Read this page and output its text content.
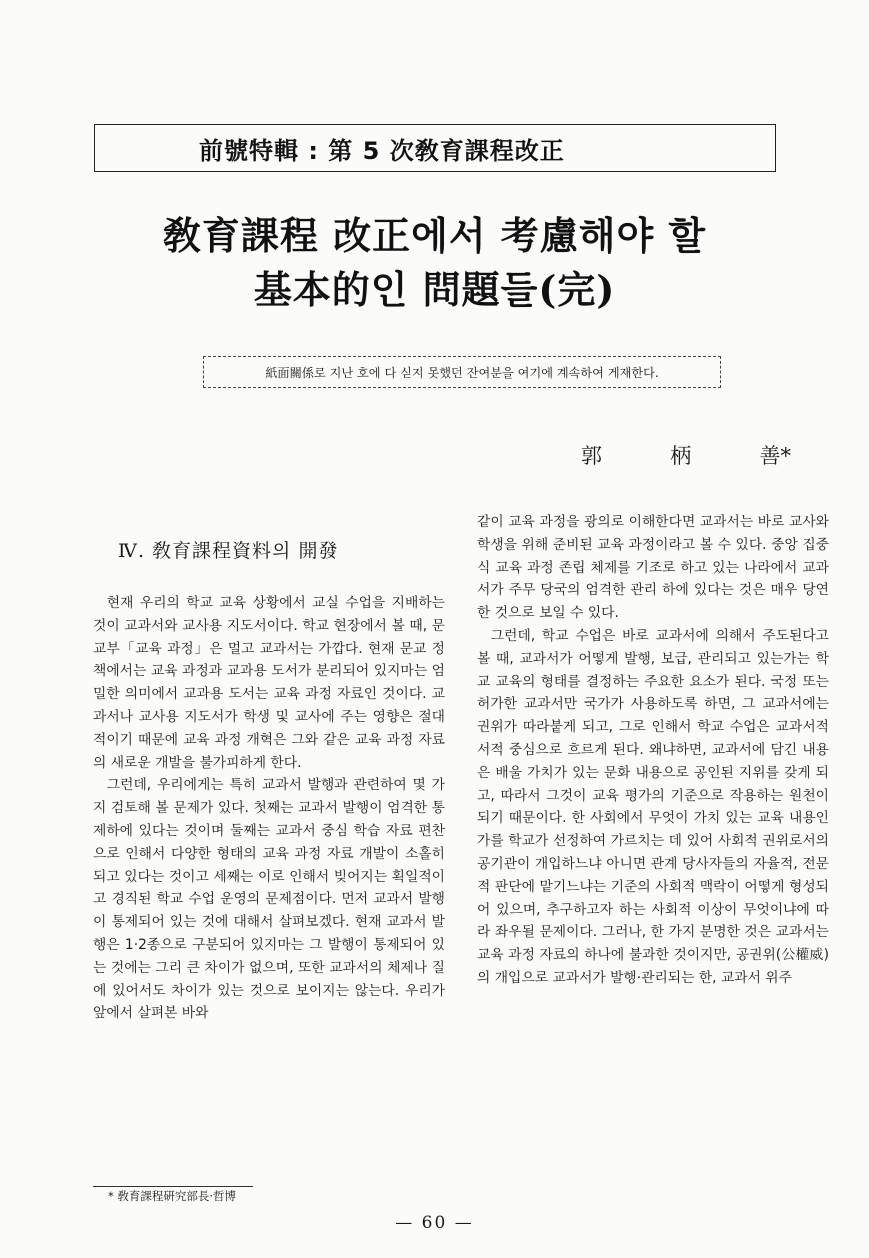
前號特輯 : 第 5 次敎育課程改正
敎育課程 改正에서 考慮해야 할
基本的인 問題들(完)
紙面關係로 지난 호에 다 싣지 못했던 잔여분을 여기에 계속하여 게재한다.
郭	柄	善*
Ⅳ. 敎育課程資料의 開發

현재 우리의 학교 교육 상황에서 교실 수업을 지배하는 것이 교과서와 교사용 지도서이다. 학교 현장에서 볼 때, 문교부「교육 과정」은 멀고 교과서는 가깝다. 현재 문교 정책에서는 교육 과정과 교과용 도서가 분리되어 있지마는 엄밀한 의미에서 교과용 도서는 교육 과정 자료인 것이다. 교과서나 교사용 지도서가 학생 및 교사에 주는 영향은 절대적이기 때문에 교육 과정 개혁은 그와 같은 교육 과정 자료의 새로운 개발을 불가피하게 한다.

그런데, 우리에게는 특히 교과서 발행과 관련하여 몇 가지 검토해 볼 문제가 있다. 첫째는 교과서 발행이 엄격한 통제하에 있다는 것이며 둘째는 교과서 중심 학습 자료 편찬으로 인해서 다양한 형태의 교육 과정 자료 개발이 소홀히 되고 있다는 것이고 세째는 이로 인해서 빚어지는 획일적이고 경직된 학교 수업 운영의 문제점이다. 먼저 교과서 발행이 통제되어 있는 것에 대해서 살펴보겠다. 현재 교과서 발행은 1·2종으로 구분되어 있지마는 그 발행이 통제되어 있는 것에는 그리 큰 차이가 없으며, 또한 교과서의 체제나 질에 있어서도 차이가 있는 것으로 보이지는 않는다. 우리가 앞에서 살펴본 바와

같이 교육 과정을 광의로 이해한다면 교과서는 바로 교사와 학생을 위해 준비된 교육 과정이라고 볼 수 있다. 중앙 집중식 교육 과정 존립 체제를 기조로 하고 있는 나라에서 교과서가 주무 당국의 엄격한 관리 하에 있다는 것은 매우 당연한 것으로 보일 수 있다.

그런데, 학교 수업은 바로 교과서에 의해서 주도된다고 볼 때, 교과서가 어떻게 발행, 보급, 관리되고 있는가는 학교 교육의 형태를 결정하는 주요한 요소가 된다. 국정 또는 허가한 교과서만 국가가 사용하도록 하면, 그 교과서에는 권위가 따라붙게 되고, 그로 인해서 학교 수업은 교과서적 서적 중심으로 흐르게 된다. 왜냐하면, 교과서에 담긴 내용은 배울 가치가 있는 문화 내용으로 공인된 지위를 갖게 되고, 따라서 그것이 교육 평가의 기준으로 작용하는 원천이 되기 때문이다. 한 사회에서 무엇이 가치 있는 교육 내용인가를 학교가 선정하여 가르치는 데 있어 사회적 권위로서의 공기관이 개입하느냐 아니면 관계 당사자들의 자율적, 전문적 판단에 맡기느냐는 기준의 사회적 맥락이 어떻게 형성되어 있으며, 추구하고자 하는 사회적 이상이 무엇이냐에 따라 좌우될 문제이다. 그러나, 한 가지 분명한 것은 교과서는 교육 과정 자료의 하나에 불과한 것이지만, 공권위(公權威)의 개입으로 교과서가 발행·관리되는 한, 교과서 위주

* 敎育課程硏究部長·哲博
— 60 —
